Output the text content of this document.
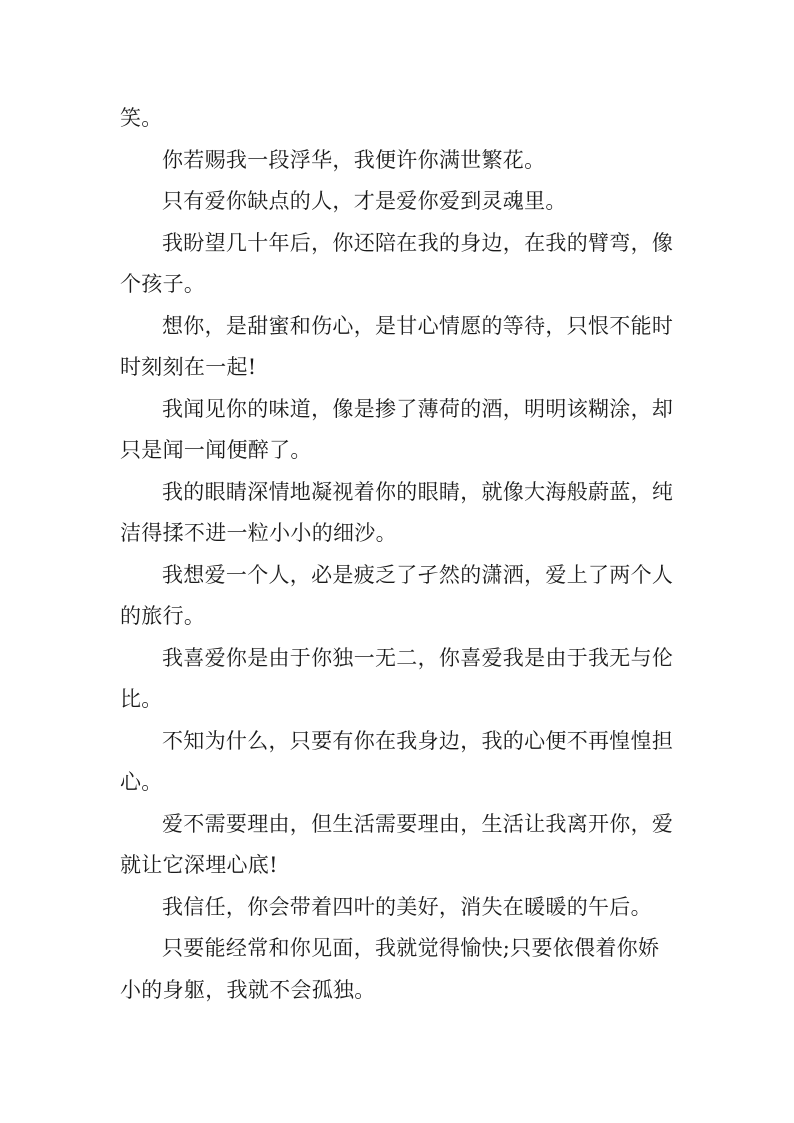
笑。

你若赐我一段浮华，我便许你满世繁花。

只有爱你缺点的人，才是爱你爱到灵魂里。

我盼望几十年后，你还陪在我的身边，在我的臂弯，像个孩子。

想你，是甜蜜和伤心，是甘心情愿的等待，只恨不能时时刻刻在一起!

我闻见你的味道，像是掺了薄荷的酒，明明该糊涂，却只是闻一闻便醉了。

我的眼睛深情地凝视着你的眼睛，就像大海般蔚蓝，纯洁得揉不进一粒小小的细沙。

我想爱一个人，必是疲乏了孑然的潇洒，爱上了两个人的旅行。

我喜爱你是由于你独一无二，你喜爱我是由于我无与伦比。

不知为什么，只要有你在我身边，我的心便不再惶惶担心。

爱不需要理由，但生活需要理由，生活让我离开你，爱就让它深埋心底!

我信任，你会带着四叶的美好，消失在暖暖的午后。

只要能经常和你见面，我就觉得愉快;只要依偎着你娇小的身躯，我就不会孤独。
